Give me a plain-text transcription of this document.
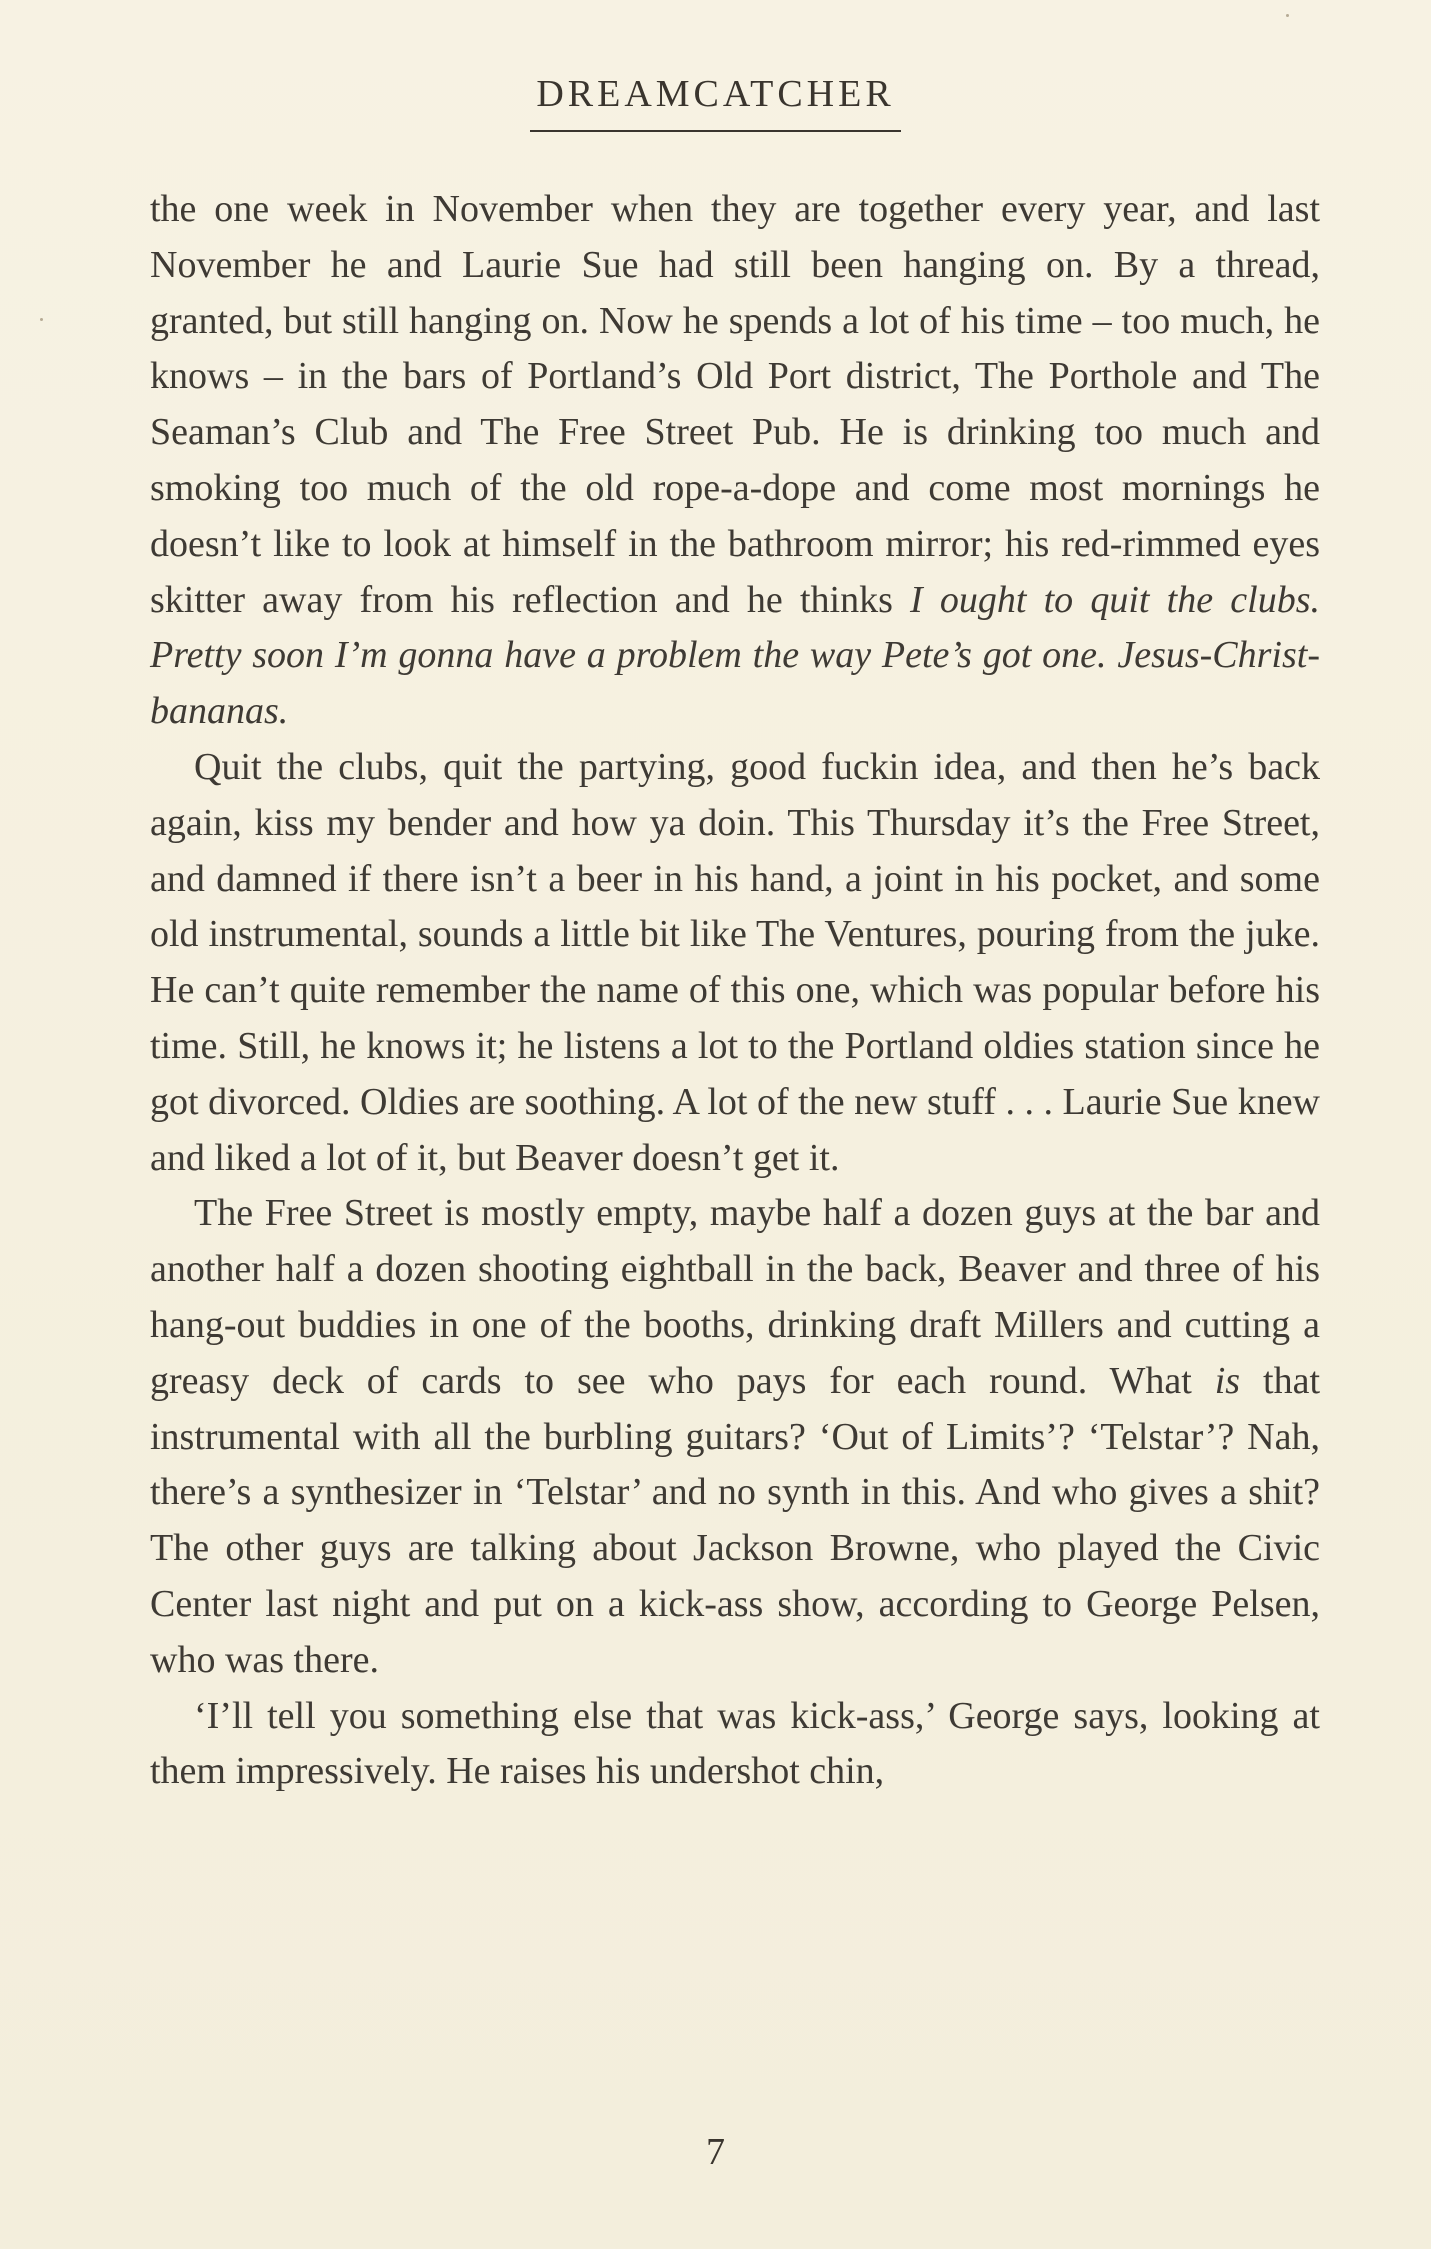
DREAMCATCHER

the one week in November when they are together every year, and last November he and Laurie Sue had still been hanging on. By a thread, granted, but still hanging on. Now he spends a lot of his time – too much, he knows – in the bars of Portland’s Old Port district, The Porthole and The Seaman’s Club and The Free Street Pub. He is drinking too much and smoking too much of the old rope-a-dope and come most mornings he doesn’t like to look at himself in the bathroom mirror; his red-rimmed eyes skitter away from his reflection and he thinks I ought to quit the clubs. Pretty soon I’m gonna have a problem the way Pete’s got one. Jesus-Christ-bananas.

Quit the clubs, quit the partying, good fuckin idea, and then he’s back again, kiss my bender and how ya doin. This Thursday it’s the Free Street, and damned if there isn’t a beer in his hand, a joint in his pocket, and some old instrumental, sounds a little bit like The Ventures, pouring from the juke. He can’t quite remember the name of this one, which was popular before his time. Still, he knows it; he listens a lot to the Portland oldies station since he got divorced. Oldies are soothing. A lot of the new stuff . . . Laurie Sue knew and liked a lot of it, but Beaver doesn’t get it.

The Free Street is mostly empty, maybe half a dozen guys at the bar and another half a dozen shooting eightball in the back, Beaver and three of his hang-out buddies in one of the booths, drinking draft Millers and cutting a greasy deck of cards to see who pays for each round. What is that instrumental with all the burbling guitars? ‘Out of Limits’? ‘Telstar’? Nah, there’s a synthesizer in ‘Telstar’ and no synth in this. And who gives a shit? The other guys are talking about Jackson Browne, who played the Civic Center last night and put on a kick-ass show, according to George Pelsen, who was there.

‘I’ll tell you something else that was kick-ass,’ George says, looking at them impressively. He raises his undershot chin,

7
